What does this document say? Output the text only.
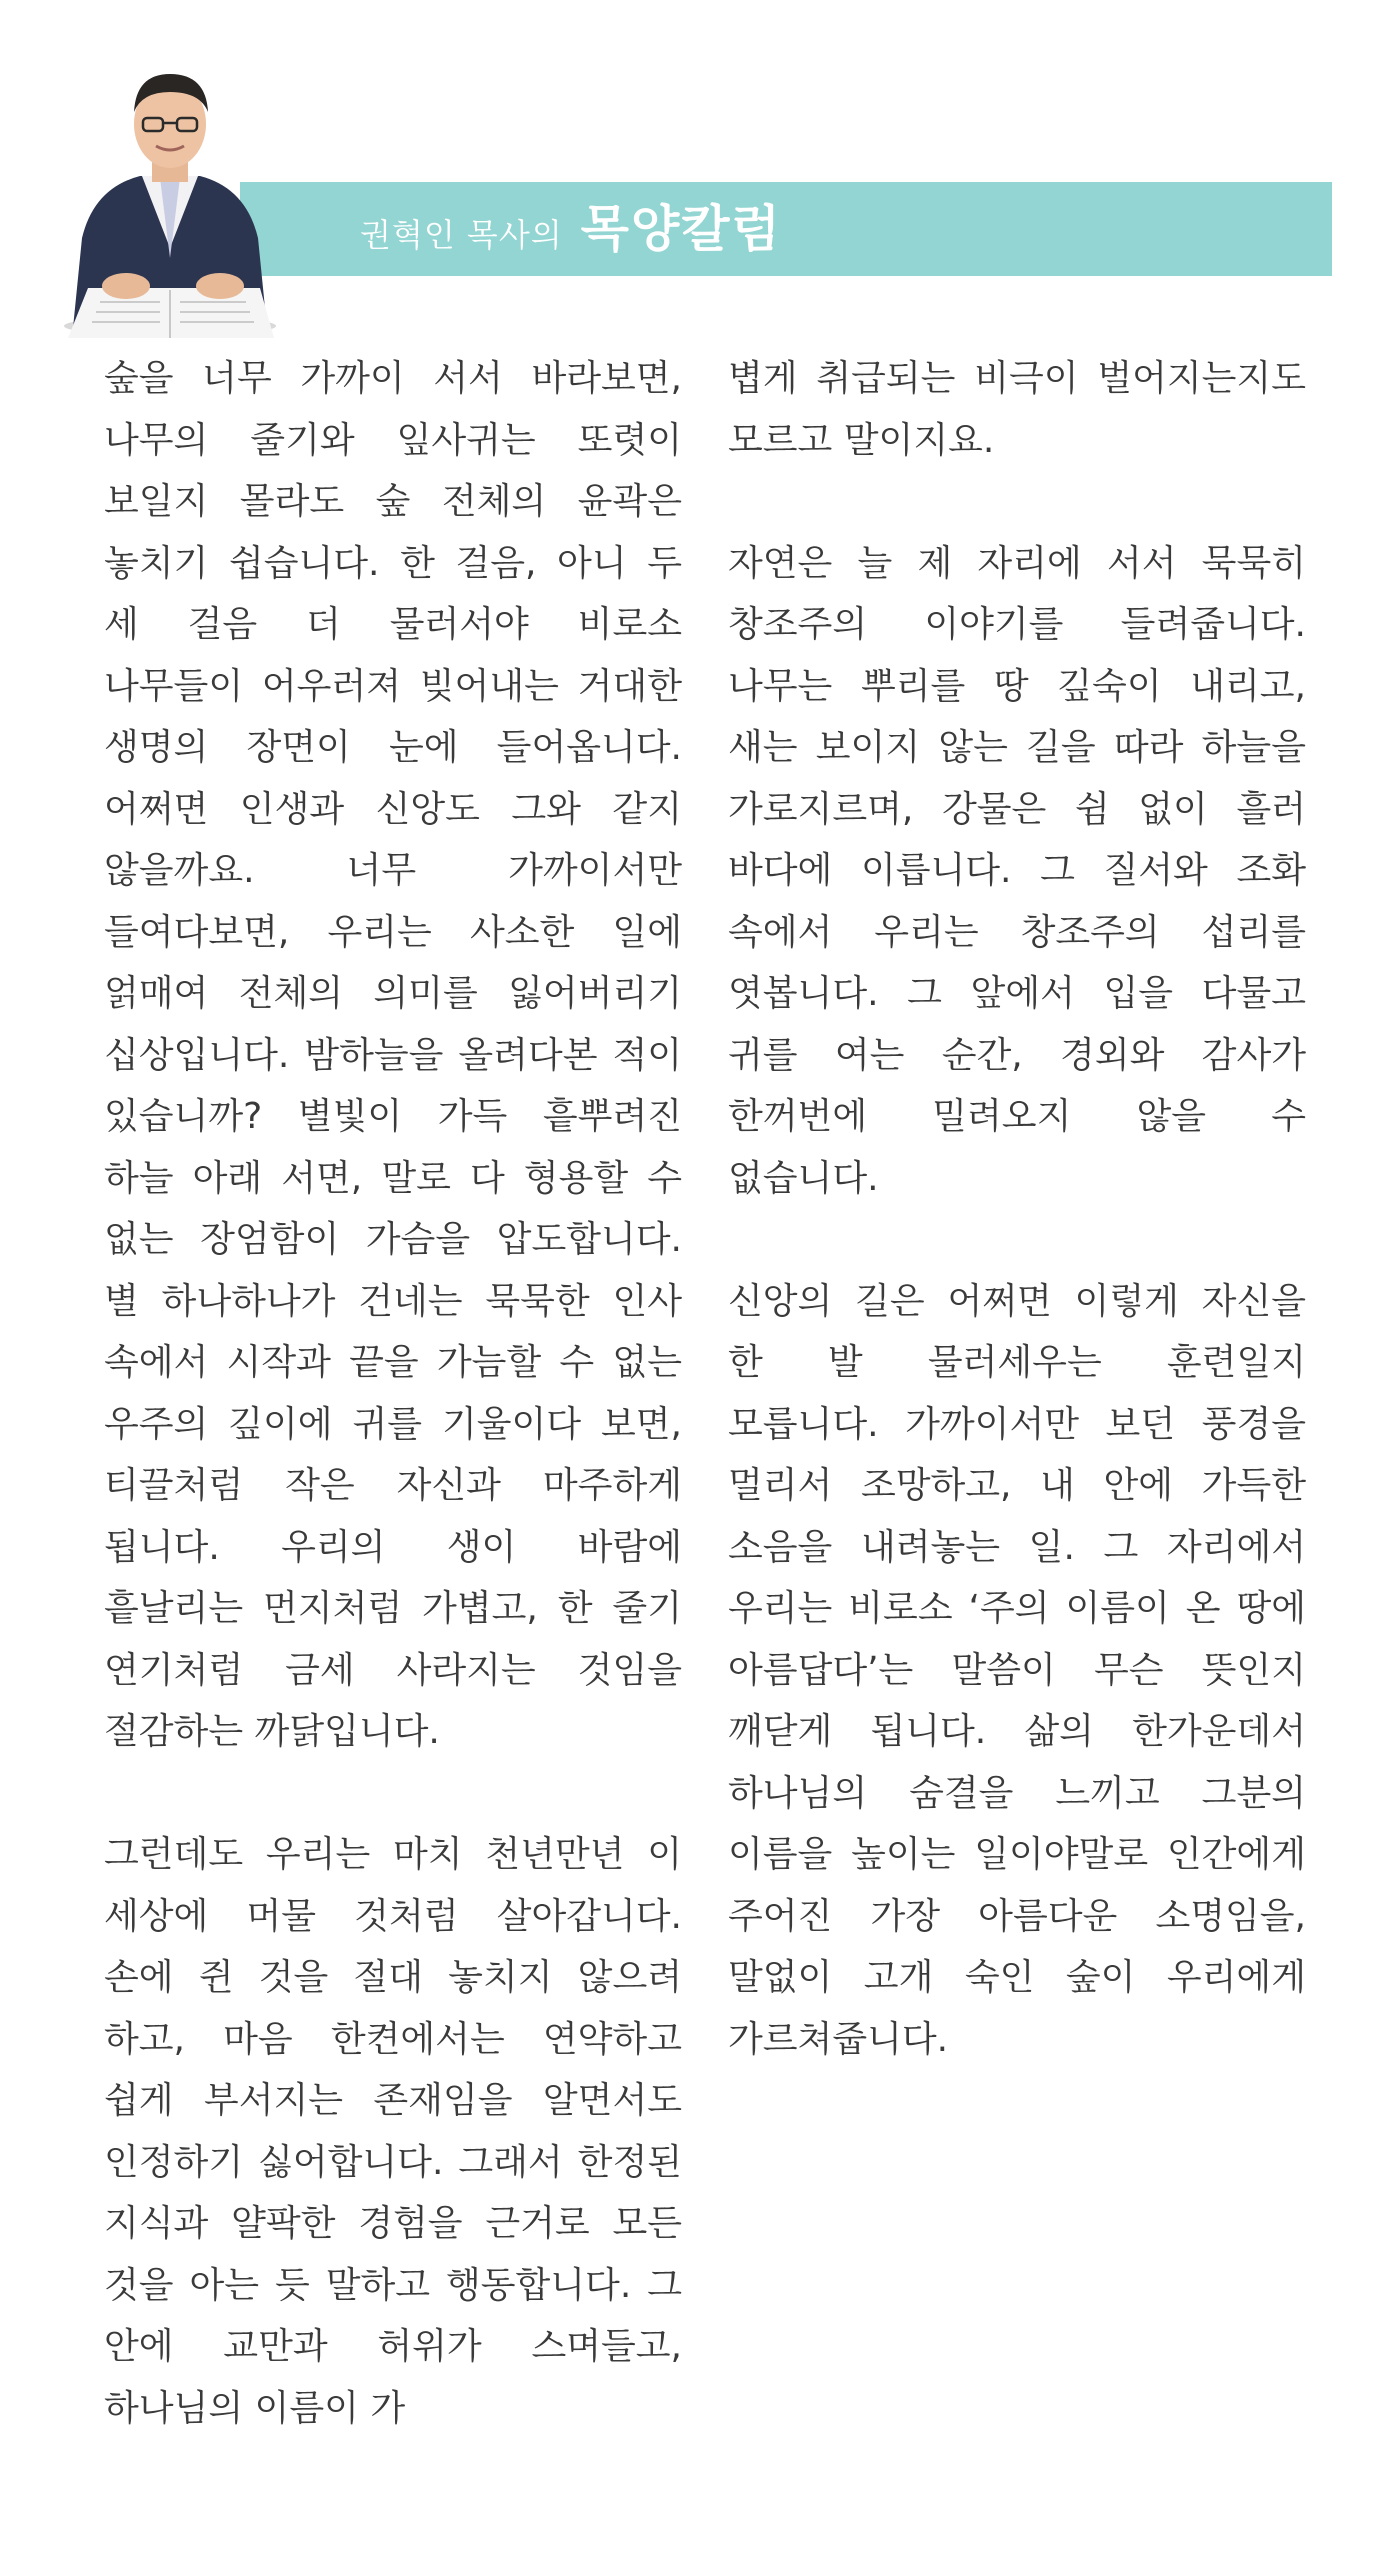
권혁인 목사의 목양칼럼

숲을 너무 가까이 서서 바라보면, 나무의 줄기와 잎사귀는 또렷이 보일지 몰라도 숲 전체의 윤곽은 놓치기 쉽습니다. 한 걸음, 아니 두 세 걸음 더 물러서야 비로소 나무들이 어우러져 빚어내는 거대한 생명의 장면이 눈에 들어옵니다. 어쩌면 인생과 신앙도 그와 같지 않을까요. 너무 가까이서만 들여다보면, 우리는 사소한 일에 얽매여 전체의 의미를 잃어버리기 십상입니다. 밤하늘을 올려다본 적이 있습니까? 별빛이 가득 흩뿌려진 하늘 아래 서면, 말로 다 형용할 수 없는 장엄함이 가슴을 압도합니다. 별 하나하나가 건네는 묵묵한 인사 속에서 시작과 끝을 가늠할 수 없는 우주의 깊이에 귀를 기울이다 보면, 티끌처럼 작은 자신과 마주하게 됩니다. 우리의 생이 바람에 흩날리는 먼지처럼 가볍고, 한 줄기 연기처럼 금세 사라지는 것임을 절감하는 까닭입니다.

그런데도 우리는 마치 천년만년 이 세상에 머물 것처럼 살아갑니다. 손에 쥔 것을 절대 놓치지 않으려 하고, 마음 한켠에서는 연약하고 쉽게 부서지는 존재임을 알면서도 인정하기 싫어합니다. 그래서 한정된 지식과 얄팍한 경험을 근거로 모든 것을 아는 듯 말하고 행동합니다. 그 안에 교만과 허위가 스며들고, 하나님의 이름이 가

볍게 취급되는 비극이 벌어지는지도 모르고 말이지요.

자연은 늘 제 자리에 서서 묵묵히 창조주의 이야기를 들려줍니다. 나무는 뿌리를 땅 깊숙이 내리고, 새는 보이지 않는 길을 따라 하늘을 가로지르며, 강물은 쉼 없이 흘러 바다에 이릅니다. 그 질서와 조화 속에서 우리는 창조주의 섭리를 엿봅니다. 그 앞에서 입을 다물고 귀를 여는 순간, 경외와 감사가 한꺼번에 밀려오지 않을 수 없습니다.

신앙의 길은 어쩌면 이렇게 자신을 한 발 물러세우는 훈련일지 모릅니다. 가까이서만 보던 풍경을 멀리서 조망하고, 내 안에 가득한 소음을 내려놓는 일. 그 자리에서 우리는 비로소 ‘주의 이름이 온 땅에 아름답다’는 말씀이 무슨 뜻인지 깨닫게 됩니다. 삶의 한가운데서 하나님의 숨결을 느끼고 그분의 이름을 높이는 일이야말로 인간에게 주어진 가장 아름다운 소명임을, 말없이 고개 숙인 숲이 우리에게 가르쳐줍니다.
